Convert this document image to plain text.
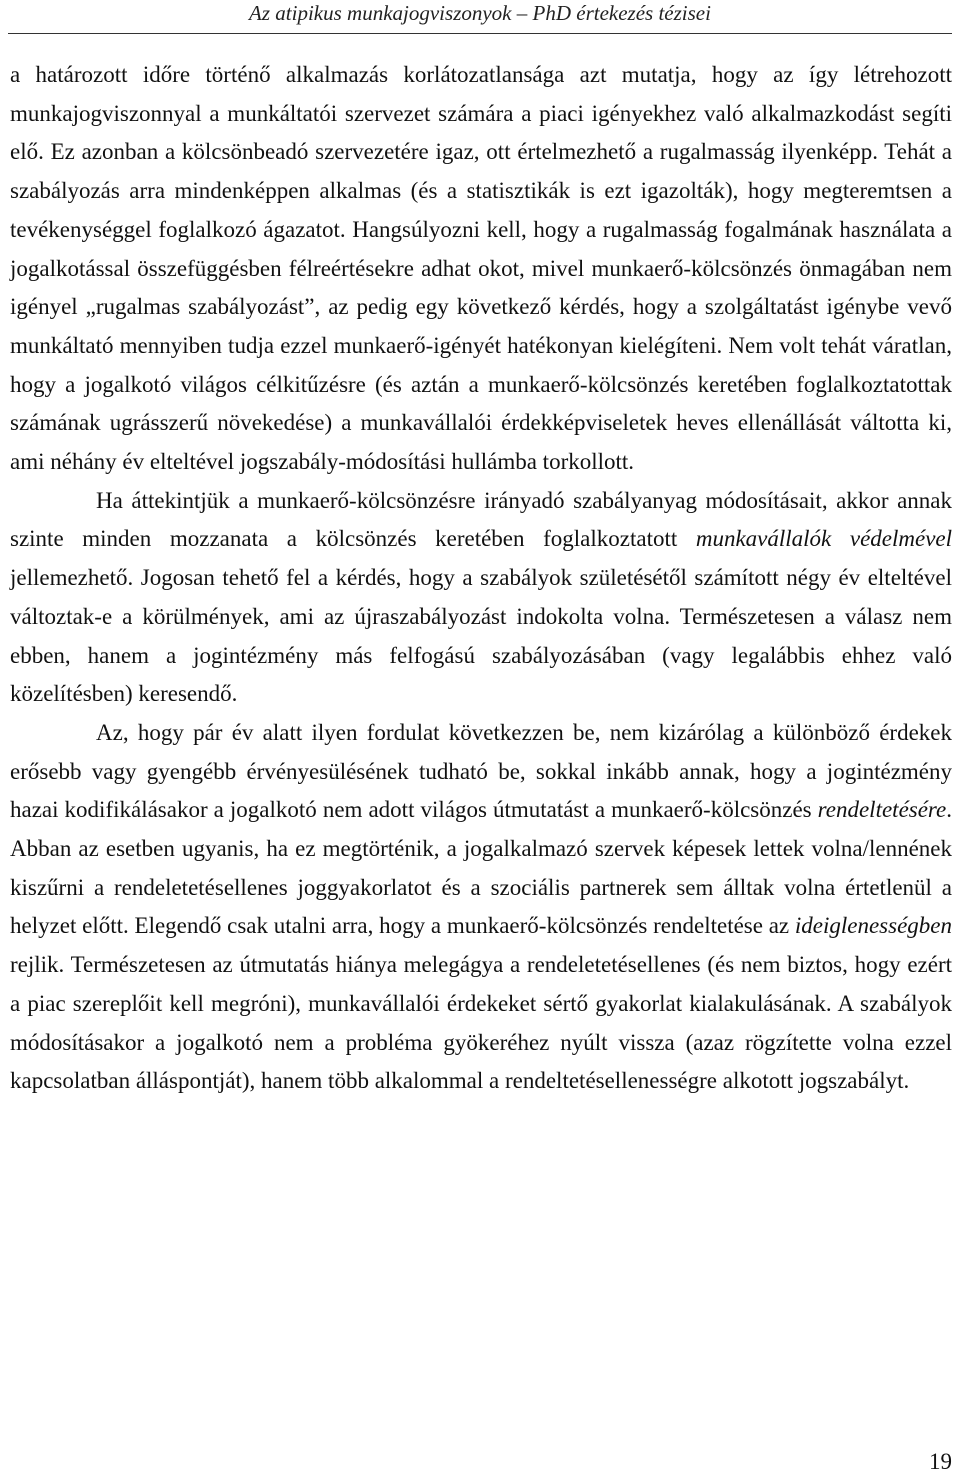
Az atipikus munkajogviszonyok – PhD értekezés tézisei

a határozott időre történő alkalmazás korlátozatlansága azt mutatja, hogy az így létrehozott munkajogviszonnyal a munkáltatói szervezet számára a piaci igényekhez való alkalmazkodást segíti elő. Ez azonban a kölcsönbeadó szervezetére igaz, ott értelmezhető a rugalmasság ilyenképp. Tehát a szabályozás arra mindenképpen alkalmas (és a statisztikák is ezt igazolták), hogy megteremtsen a tevékenységgel foglalkozó ágazatot. Hangsúlyozni kell, hogy a rugalmasság fogalmának használata a jogalkotással összefüggésben félreértésekre adhat okot, mivel munkaerő-kölcsönzés önmagában nem igényel „rugalmas szabályozást”, az pedig egy következő kérdés, hogy a szolgáltatást igénybe vevő munkáltató mennyiben tudja ezzel munkaerő-igényét hatékonyan kielégíteni. Nem volt tehát váratlan, hogy a jogalkotó világos célkitűzésre (és aztán a munkaerő-kölcsönzés keretében foglalkoztatottak számának ugrásszerű növekedése) a munkavállalói érdekképviseletek heves ellenállását váltotta ki, ami néhány év elteltével jogszabály-módosítási hullámba torkollott.

Ha áttekintjük a munkaerő-kölcsönzésre irányadó szabályanyag módosításait, akkor annak szinte minden mozzanata a kölcsönzés keretében foglalkoztatott munkavállalók védelmével jellemezhető. Jogosan tehető fel a kérdés, hogy a szabályok születésétől számított négy év elteltével változtak-e a körülmények, ami az újraszabályozást indokolta volna. Természetesen a válasz nem ebben, hanem a jogintézmény más felfogású szabályozásában (vagy legalábbis ehhez való közelítésben) keresendő.

Az, hogy pár év alatt ilyen fordulat következzen be, nem kizárólag a különböző érdekek erősebb vagy gyengébb érvényesülésének tudható be, sokkal inkább annak, hogy a jogintézmény hazai kodifikálásakor a jogalkotó nem adott világos útmutatást a munkaerő-kölcsönzés rendeltetésére. Abban az esetben ugyanis, ha ez megtörténik, a jogalkalmazó szervek képesek lettek volna/lennének kiszűrni a rendeletetésellenes joggyakorlatot és a szociális partnerek sem álltak volna értetlenül a helyzet előtt. Elegendő csak utalni arra, hogy a munkaerő-kölcsönzés rendeltetése az ideiglenességben rejlik. Természetesen az útmutatás hiánya melegágya a rendeletetésellenes (és nem biztos, hogy ezért a piac szereplőit kell megróni), munkavállalói érdekeket sértő gyakorlat kialakulásának. A szabályok módosításakor a jogalkotó nem a probléma gyökeréhez nyúlt vissza (azaz rögzítette volna ezzel kapcsolatban álláspontját), hanem több alkalommal a rendeltetésellenességre alkotott jogszabályt.

19
